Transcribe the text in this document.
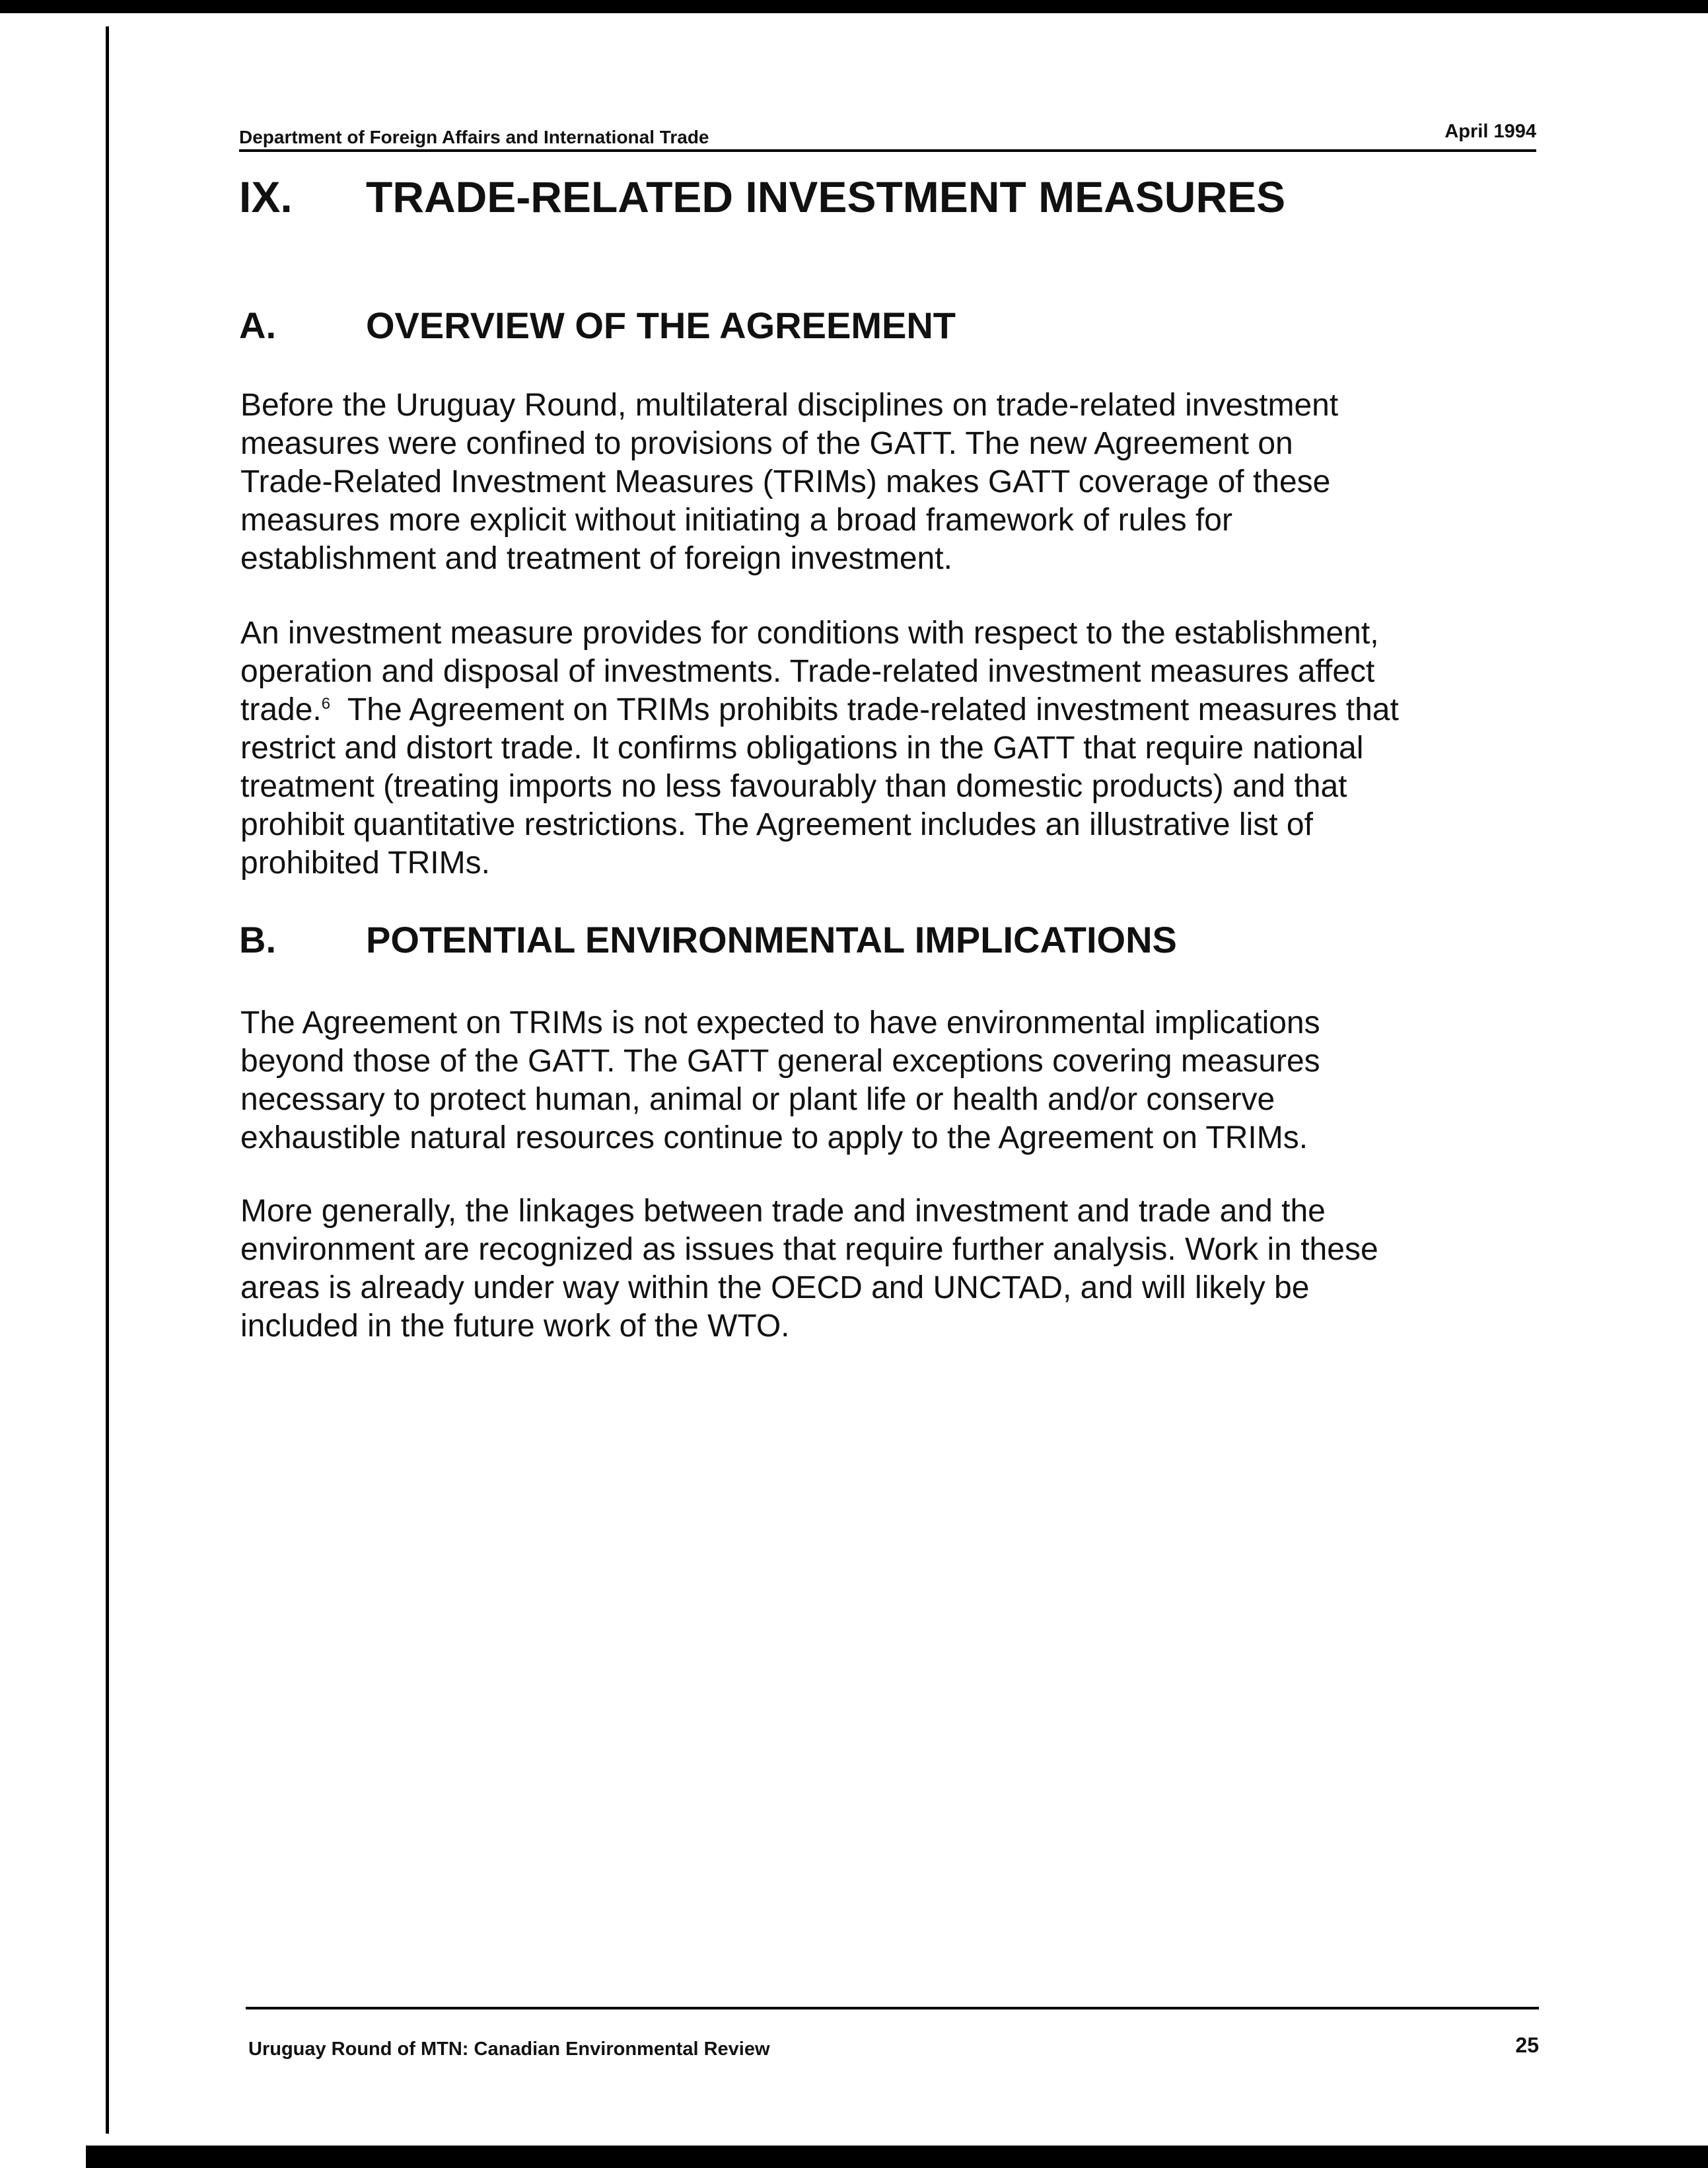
Department of Foreign Affairs and International Trade	April 1994
IX. TRADE-RELATED INVESTMENT MEASURES
A. OVERVIEW OF THE AGREEMENT

Before the Uruguay Round, multilateral disciplines on trade-related investment
measures were confined to provisions of the GATT. The new Agreement on
Trade-Related Investment Measures (TRIMs) makes GATT coverage of these
measures more explicit without initiating a broad framework of rules for
establishment and treatment of foreign investment.

An investment measure provides for conditions with respect to the establishment,
operation and disposal of investments. Trade-related investment measures affect
trade.$^6$ The Agreement on TRIMs prohibits trade-related investment measures that
restrict and distort trade. It confirms obligations in the GATT that require national
treatment (treating imports no less favourably than domestic products) and that
prohibit quantitative restrictions. The Agreement includes an illustrative list of
prohibited TRIMs.

B. POTENTIAL ENVIRONMENTAL IMPLICATIONS

The Agreement on TRIMs is not expected to have environmental implications
beyond those of the GATT. The GATT general exceptions covering measures
necessary to protect human, animal or plant life or health and/or conserve
exhaustible natural resources continue to apply to the Agreement on TRIMs.

More generally, the linkages between trade and investment and trade and the
environment are recognized as issues that require further analysis. Work in these
areas is already under way within the OECD and UNCTAD, and will likely be
included in the future work of the WTO.

Uruguay Round of MTN: Canadian Environmental Review	25
